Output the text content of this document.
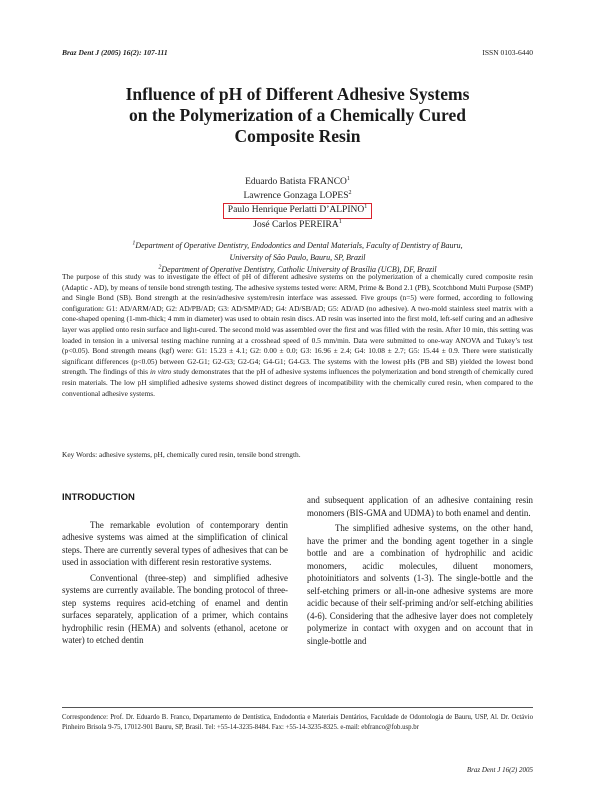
Braz Dent J (2005) 16(2): 107-111	ISSN 0103-6440
Influence of pH of Different Adhesive Systems
on the Polymerization of a Chemically Cured
Composite Resin
Eduardo Batista FRANCO$^1$
Lawrence Gonzaga LOPES$^2$
Paulo Henrique Perlatti D’ALPINO$^1$
José Carlos PEREIRA$^1$
$^1$Department of Operative Dentistry, Endodontics and Dental Materials, Faculty of Dentistry of Bauru,
University of São Paulo, Bauru, SP, Brazil
$^2$Department of Operative Dentistry, Catholic University of Brasília (UCB), DF, Brazil
The purpose of this study was to investigate the effect of pH of different adhesive systems on the polymerization of a chemically cured composite resin (Adaptic - AD), by means of tensile bond strength testing. The adhesive systems tested were: ARM, Prime & Bond 2.1 (PB), Scotchbond Multi Purpose (SMP) and Single Bond (SB). Bond strength at the resin/adhesive system/resin interface was assessed. Five groups (n=5) were formed, according to following configuration: G1: AD/ARM/AD; G2: AD/PB/AD; G3: AD/SMP/AD; G4: AD/SB/AD; G5: AD/AD (no adhesive). A two-mold stainless steel matrix with a cone-shaped opening (1-mm-thick; 4 mm in diameter) was used to obtain resin discs. AD resin was inserted into the first mold, left-self curing and an adhesive layer was applied onto resin surface and light-cured. The second mold was assembled over the first and was filled with the resin. After 10 min, this setting was loaded in tension in a universal testing machine running at a crosshead speed of 0.5 mm/min. Data were submitted to one-way ANOVA and Tukey’s test (p<0.05). Bond strength means (kgf) were: G1: 15.23 ± 4.1; G2: 0.00 ± 0.0; G3: 16.96 ± 2.4; G4: 10.08 ± 2.7; G5: 15.44 ± 0.9. There were statistically significant differences (p<0.05) between G2-G1; G2-G3; G2-G4; G4-G1; G4-G3. The systems with the lowest pHs (PB and SB) yielded the lowest bond strength. The findings of this in vitro study demonstrates that the pH of adhesive systems influences the polymerization and bond strength of chemically cured resin materials. The low pH simplified adhesive systems showed distinct degrees of incompatibility with the chemically cured resin, when compared to the conventional adhesive systems.
Key Words: adhesive systems, pH, chemically cured resin, tensile bond strength.
INTRODUCTION

The remarkable evolution of contemporary dentin adhesive systems was aimed at the simplification of clinical steps. There are currently several types of adhesives that can be used in association with different resin restorative systems.

Conventional (three-step) and simplified adhesive systems are currently available. The bonding protocol of three-step systems requires acid-etching of enamel and dentin surfaces separately, application of a primer, which contains hydrophilic resin (HEMA) and solvents (ethanol, acetone or water) to etched dentin

and subsequent application of an adhesive containing resin monomers (BIS-GMA and UDMA) to both enamel and dentin.

The simplified adhesive systems, on the other hand, have the primer and the bonding agent together in a single bottle and are a combination of hydrophilic and acidic monomers, acidic molecules, diluent monomers, photoinitiators and solvents (1-3). The single-bottle and the self-etching primers or all-in-one adhesive systems are more acidic because of their self-priming and/or self-etching abilities (4-6). Considering that the adhesive layer does not completely polymerize in contact with oxygen and on account that in single-bottle and

Correspondence: Prof. Dr. Eduardo B. Franco, Departamento de Dentística, Endodontia e Materiais Dentários, Faculdade de Odontologia de Bauru, USP, Al. Dr. Octávio Pinheiro Brisola 9-75, 17012-901 Bauru, SP, Brasil. Tel: +55-14-3235-8484. Fax: +55-14-3235-8325. e-mail: ebfranco@fob.usp.br
Braz Dent J 16(2) 2005
